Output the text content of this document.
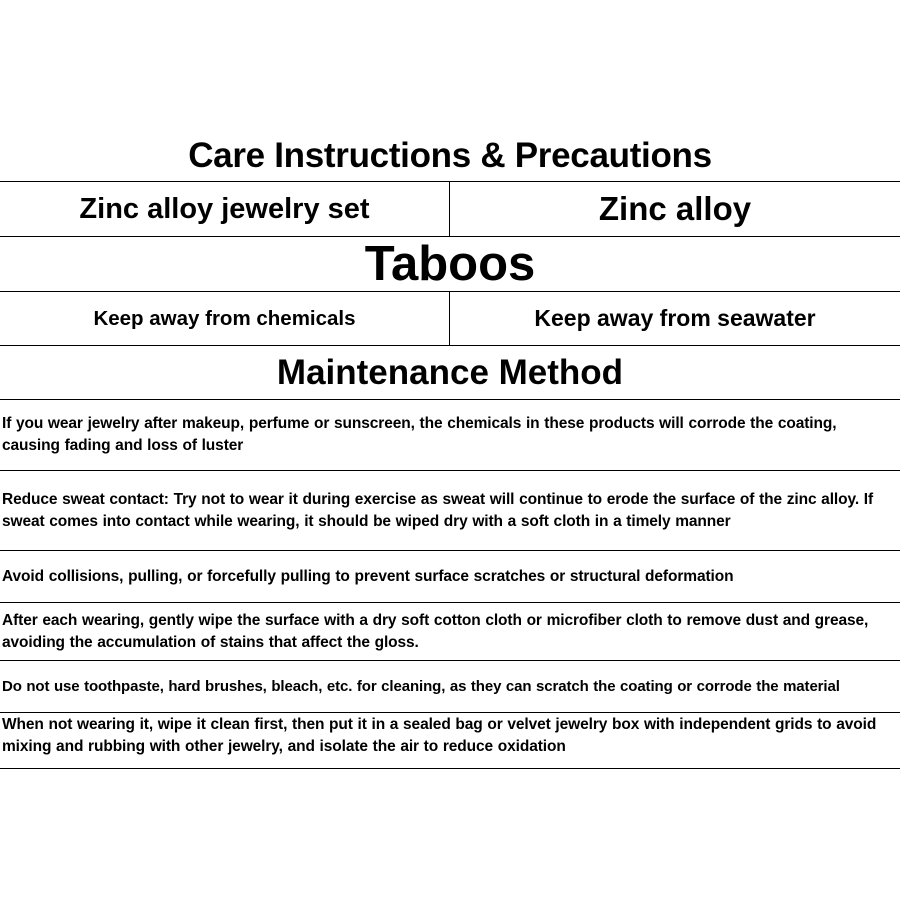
Care Instructions & Precautions
Zinc alloy jewelry set	Zinc alloy
Taboos
Keep away from chemicals	Keep away from seawater
Maintenance Method
If you wear jewelry after makeup, perfume or sunscreen, the chemicals in these products will corrode the coating, causing fading and loss of luster
Reduce sweat contact: Try not to wear it during exercise as sweat will continue to erode the surface of the zinc alloy. If sweat comes into contact while wearing, it should be wiped dry with a soft cloth in a timely manner
Avoid collisions, pulling, or forcefully pulling to prevent surface scratches or structural deformation
After each wearing, gently wipe the surface with a dry soft cotton cloth or microfiber cloth to remove dust and grease, avoiding the accumulation of stains that affect the gloss.
Do not use toothpaste, hard brushes, bleach, etc. for cleaning, as they can scratch the coating or corrode the material
When not wearing it, wipe it clean first, then put it in a sealed bag or velvet jewelry box with independent grids to avoid mixing and rubbing with other jewelry, and isolate the air to reduce oxidation
